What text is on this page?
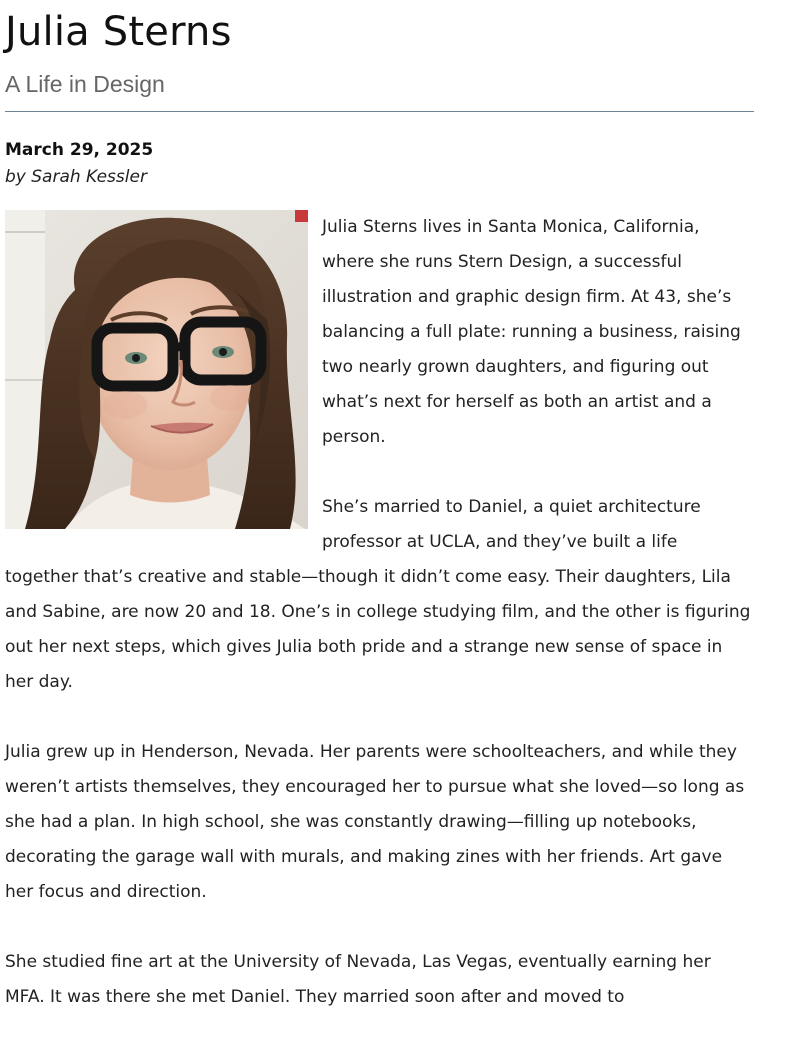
Julia Sterns
A Life in Design
March 29, 2025
by Sarah Kessler

Julia Sterns lives in Santa Monica, California, where she runs Stern Design, a successful illustration and graphic design firm. At 43, she’s balancing a full plate: running a business, raising two nearly grown daughters, and figuring out what’s next for herself as both an artist and a person.

She’s married to Daniel, a quiet architecture professor at UCLA, and they’ve built a life together that’s creative and stable—though it didn’t come easy. Their daughters, Lila and Sabine, are now 20 and 18. One’s in college studying film, and the other is figuring out her next steps, which gives Julia both pride and a strange new sense of space in her day.

Julia grew up in Henderson, Nevada. Her parents were schoolteachers, and while they weren’t artists themselves, they encouraged her to pursue what she loved—so long as she had a plan. In high school, she was constantly drawing—filling up notebooks, decorating the garage wall with murals, and making zines with her friends. Art gave her focus and direction.

She studied fine art at the University of Nevada, Las Vegas, eventually earning her MFA. It was there she met Daniel. They married soon after and moved to
